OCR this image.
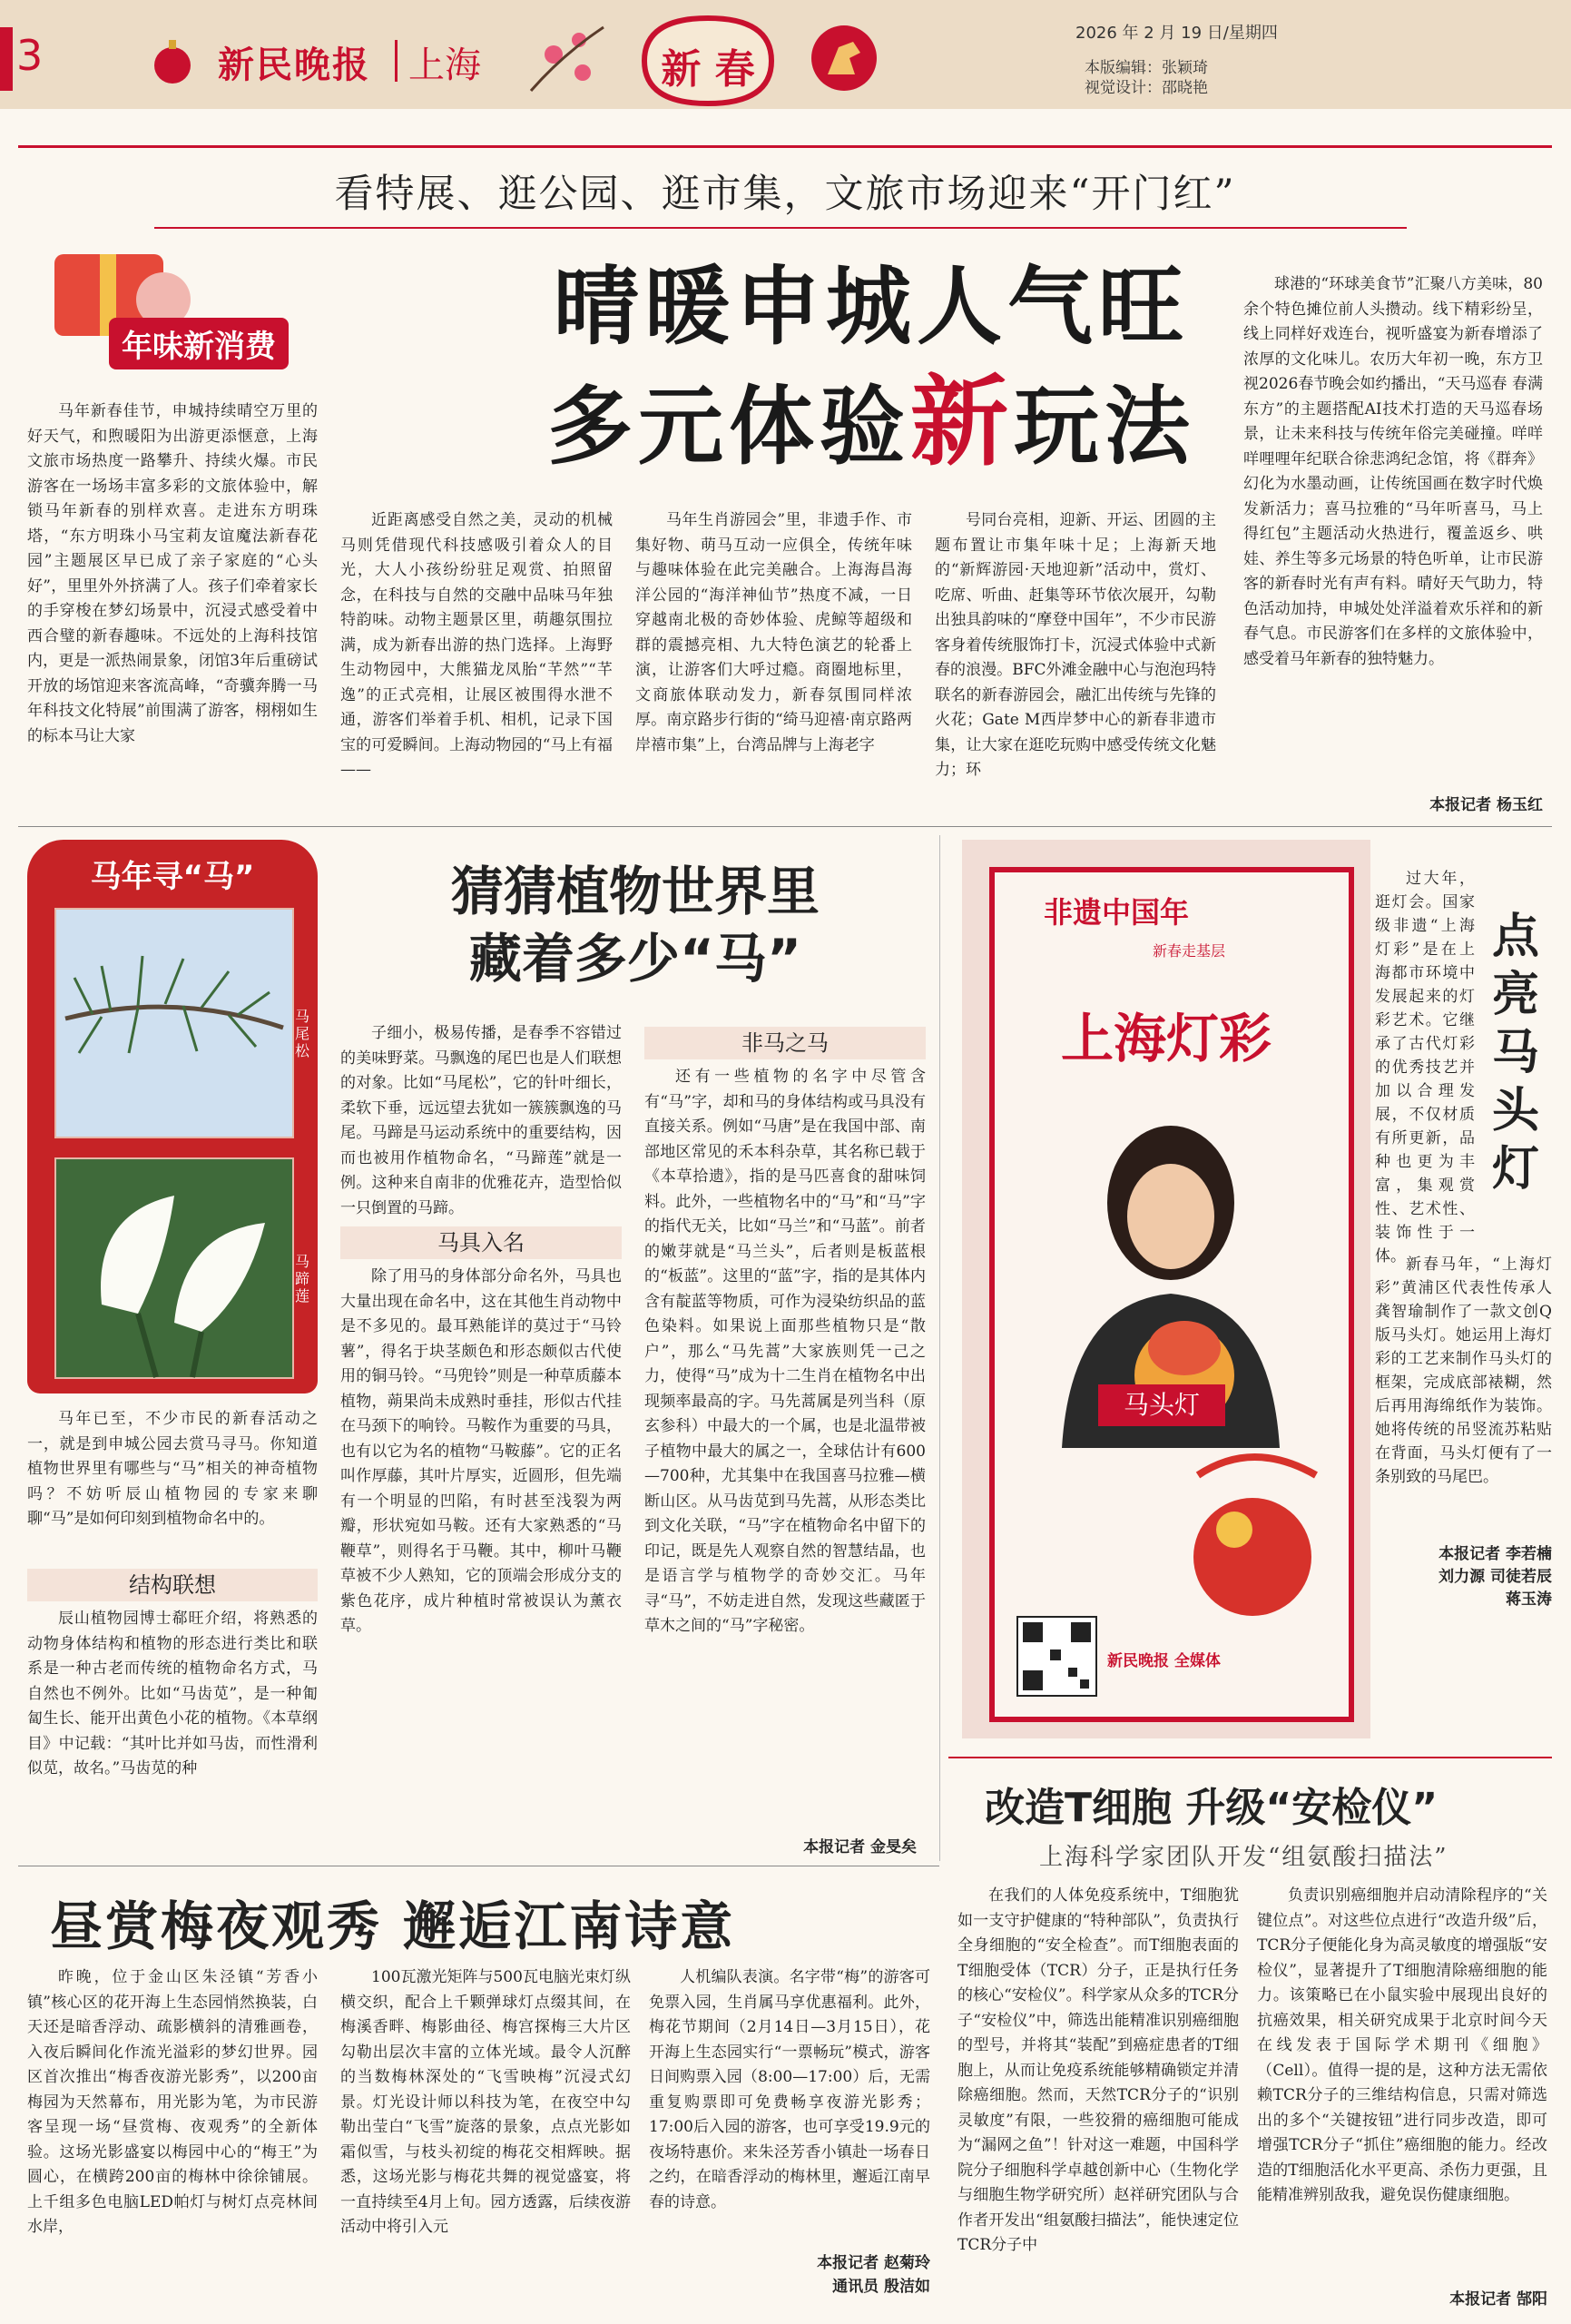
3	新民晚报 上海	新 春
2026 年 2 月 19 日/星期四
本版编辑：张颖琦
视觉设计：邵晓艳
看特展、逛公园、逛市集，文旅市场迎来“开门红”
年味新消费	晴暖申城人气旺
多元体验新玩法

马年新春佳节，申城持续晴空万里的好天气，和煦暖阳为出游更添惬意，上海文旅市场热度一路攀升、持续火爆。市民游客在一场场丰富多彩的文旅体验中，解锁马年新春的别样欢喜。走进东方明珠塔，“东方明珠小马宝莉友谊魔法新春花园”主题展区早已成了亲子家庭的“心头好”，里里外外挤满了人。孩子们牵着家长的手穿梭在梦幻场景中，沉浸式感受着中西合璧的新春趣味。不远处的上海科技馆内，更是一派热闹景象，闭馆3年后重磅试开放的场馆迎来客流高峰，“奇骥奔腾一马年科技文化特展”前围满了游客，栩栩如生的标本马让大家

近距离感受自然之美，灵动的机械马则凭借现代科技感吸引着众人的目光，大人小孩纷纷驻足观赏、拍照留念，在科技与自然的交融中品味马年独特韵味。动物主题景区里，萌趣氛围拉满，成为新春出游的热门选择。上海野生动物园中，大熊猫龙凤胎“芊然”“芊逸”的正式亮相，让展区被围得水泄不通，游客们举着手机、相机，记录下国宝的可爱瞬间。上海动物园的“马上有福——

马年生肖游园会”里，非遗手作、市集好物、萌马互动一应俱全，传统年味与趣味体验在此完美融合。上海海昌海洋公园的“海洋神仙节”热度不减，一日穿越南北极的奇妙体验、虎鲸等超级和群的震撼亮相、九大特色演艺的轮番上演，让游客们大呼过瘾。商圈地标里，文商旅体联动发力，新春氛围同样浓厚。南京路步行街的“绮马迎禧·南京路两岸禧市集”上，台湾品牌与上海老字

号同台亮相，迎新、开运、团圆的主题布置让市集年味十足；上海新天地的“新辉游园·天地迎新”活动中，赏灯、吃席、听曲、赶集等环节依次展开，勾勒出独具韵味的“摩登中国年”，不少市民游客身着传统服饰打卡，沉浸式体验中式新春的浪漫。BFC外滩金融中心与泡泡玛特联名的新春游园会，融汇出传统与先锋的火花；Gate M西岸梦中心的新春非遗市集，让大家在逛吃玩购中感受传统文化魅力；环

球港的“环球美食节”汇聚八方美味，80余个特色摊位前人头攒动。线下精彩纷呈，线上同样好戏连台，视听盛宴为新春增添了浓厚的文化味儿。农历大年初一晚，东方卫视2026春节晚会如约播出，“天马巡春 春满东方”的主题搭配AI技术打造的天马巡春场景，让未来科技与传统年俗完美碰撞。咩咩咩哩哩年纪联合徐悲鸿纪念馆，将《群奔》幻化为水墨动画，让传统国画在数字时代焕发新活力；喜马拉雅的“马年听喜马，马上得红包”主题活动火热进行，覆盖返乡、哄娃、养生等多元场景的特色听单，让市民游客的新春时光有声有料。晴好天气助力，特色活动加持，申城处处洋溢着欢乐祥和的新春气息。市民游客们在多样的文旅体验中，感受着马年新春的独特魅力。

本报记者 杨玉红
马年寻“马”
马尾松
马蹄莲
猜猜植物世界里
藏着多少“马”

马年已至，不少市民的新春活动之一，就是到申城公园去赏马寻马。你知道植物世界里有哪些与“马”相关的神奇植物吗？不妨听辰山植物园的专家来聊聊“马”是如何印刻到植物命名中的。

结构联想

辰山植物园博士郗旺介绍，将熟悉的动物身体结构和植物的形态进行类比和联系是一种古老而传统的植物命名方式，马自然也不例外。比如“马齿苋”，是一种匍匐生长、能开出黄色小花的植物。《本草纲目》中记载：“其叶比并如马齿，而性滑利似苋，故名。”马齿苋的种

子细小，极易传播，是春季不容错过的美味野菜。马飘逸的尾巴也是人们联想的对象。比如“马尾松”，它的针叶细长，柔软下垂，远远望去犹如一簇簇飘逸的马尾。马蹄是马运动系统中的重要结构，因而也被用作植物命名，“马蹄莲”就是一例。这种来自南非的优雅花卉，造型恰似一只倒置的马蹄。

马具入名

除了用马的身体部分命名外，马具也大量出现在命名中，这在其他生肖动物中是不多见的。最耳熟能详的莫过于“马铃薯”，得名于块茎颇色和形态颇似古代使用的铜马铃。“马兜铃”则是一种草质藤本植物，蒴果尚未成熟时垂挂，形似古代挂在马颈下的响铃。马鞍作为重要的马具，也有以它为名的植物“马鞍藤”。它的正名叫作厚藤，其叶片厚实，近圆形，但先端有一个明显的凹陷，有时甚至浅裂为两瓣，形状宛如马鞍。还有大家熟悉的“马鞭草”，则得名于马鞭。其中，柳叶马鞭草被不少人熟知，它的顶端会形成分支的紫色花序，成片种植时常被误认为薰衣草。

非马之马

还有一些植物的名字中尽管含有“马”字，却和马的身体结构或马具没有直接关系。例如“马唐”是在我国中部、南部地区常见的禾本科杂草，其名称已载于《本草拾遗》，指的是马匹喜食的甜味饲料。此外，一些植物名中的“马”和“马”字的指代无关，比如“马兰”和“马蓝”。前者的嫩芽就是“马兰头”，后者则是板蓝根的“板蓝”。这里的“蓝”字，指的是其体内含有靛蓝等物质，可作为浸染纺织品的蓝色染料。如果说上面那些植物只是“散户”，那么“马先蒿”大家族则凭一己之力，使得“马”成为十二生肖在植物名中出现频率最高的字。马先蒿属是列当科（原玄参科）中最大的一个属，也是北温带被子植物中最大的属之一，全球估计有600—700种，尤其集中在我国喜马拉雅—横断山区。从马齿苋到马先蒿，从形态类比到文化关联，“马”字在植物命名中留下的印记，既是先人观察自然的智慧结晶，也是语言学与植物学的奇妙交汇。马年寻“马”，不妨走进自然，发现这些藏匿于草木之间的“马”字秘密。

本报记者 金旻矣
非遗中国年
新春走基层
上海灯彩
马头灯
新民晚报 全媒体
点亮马头灯

过大年，逛灯会。国家级非遗“上海灯彩”是在上海都市环境中发展起来的灯彩艺术。它继承了古代灯彩的优秀技艺并加以合理发展，不仅材质有所更新，品种也更为丰富，集观赏性、艺术性、装饰性于一体。 新春马年，“上海灯彩”黄浦区代表性传承人龚智瑜制作了一款文创Q版马头灯。她运用上海灯彩的工艺来制作马头灯的框架，完成底部裱糊，然后再用海绵纸作为装饰。她将传统的吊竖流苏粘贴在背面，马头灯便有了一条别致的马尾巴。

本报记者 李若楠
刘力源 司徒若辰
蒋玉涛
改造T细胞 升级“安检仪”
上海科学家团队开发“组氨酸扫描法”

在我们的人体免疫系统中，T细胞犹如一支守护健康的“特种部队”，负责执行全身细胞的“安全检查”。而T细胞表面的T细胞受体（TCR）分子，正是执行任务的核心“安检仪”。科学家从众多的TCR分子“安检仪”中，筛选出能精准识别癌细胞的型号，并将其“装配”到癌症患者的T细胞上，从而让免疫系统能够精确锁定并清除癌细胞。然而，天然TCR分子的“识别灵敏度”有限，一些狡猾的癌细胞可能成为“漏网之鱼”！针对这一难题，中国科学院分子细胞科学卓越创新中心（生物化学与细胞生物学研究所）赵祥研究团队与合作者开发出“组氨酸扫描法”，能快速定位TCR分子中

负责识别癌细胞并启动清除程序的“关键位点”。对这些位点进行“改造升级”后，TCR分子便能化身为高灵敏度的增强版“安检仪”，显著提升了T细胞清除癌细胞的能力。该策略已在小鼠实验中展现出良好的抗癌效果，相关研究成果于北京时间今天在线发表于国际学术期刊《细胞》（Cell）。值得一提的是，这种方法无需依赖TCR分子的三维结构信息，只需对筛选出的多个“关键按钮”进行同步改造，即可增强TCR分子“抓住”癌细胞的能力。经改造的T细胞活化水平更高、杀伤力更强，且能精准辨别敌我，避免误伤健康细胞。

本报记者 郜阳
昼赏梅夜观秀 邂逅江南诗意

昨晚，位于金山区朱泾镇“芳香小镇”核心区的花开海上生态园悄然换装，白天还是暗香浮动、疏影横斜的清雅画卷，入夜后瞬间化作流光溢彩的梦幻世界。园区首次推出“梅香夜游光影秀”，以200亩梅园为天然幕布，用光影为笔，为市民游客呈现一场“昼赏梅、夜观秀”的全新体验。这场光影盛宴以梅园中心的“梅王”为圆心，在横跨200亩的梅林中徐徐铺展。上千组多色电脑LED帕灯与树灯点亮林间水岸，

100瓦激光矩阵与500瓦电脑光束灯纵横交织，配合上千颗弹球灯点缀其间，在梅溪香畔、梅影曲径、梅宫探梅三大片区勾勒出层次丰富的立体光域。最令人沉醉的当数梅林深处的“飞雪映梅”沉浸式幻景。灯光设计师以科技为笔，在夜空中勾勒出莹白“飞雪”旋落的景象，点点光影如霜似雪，与枝头初绽的梅花交相辉映。据悉，这场光影与梅花共舞的视觉盛宴，将一直持续至4月上旬。园方透露，后续夜游活动中将引入元

人机编队表演。名字带“梅”的游客可免票入园，生肖属马享优惠福利。此外，梅花节期间（2月14日—3月15日），花开海上生态园实行“一票畅玩”模式，游客日间购票入园（8:00—17:00）后，无需重复购票即可免费畅享夜游光影秀；17:00后入园的游客，也可享受19.9元的夜场特惠价。来朱泾芳香小镇赴一场春日之约，在暗香浮动的梅林里，邂逅江南早春的诗意。

本报记者 赵菊玲
通讯员 殷洁如
